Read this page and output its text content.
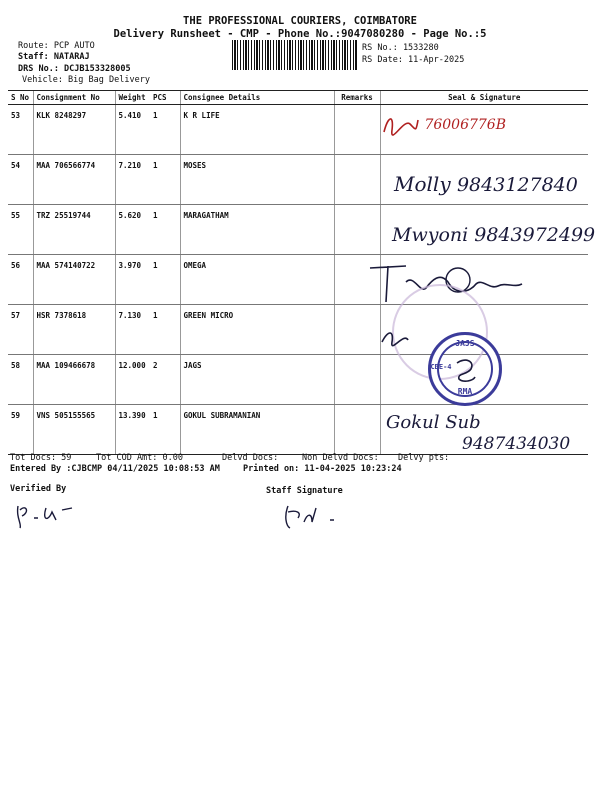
THE PROFESSIONAL COURIERS, COIMBATORE
Delivery Runsheet - CMP - Phone No.:9047080280 - Page No.:5
Route: PCP AUTO
Staff: NATARAJ
DRS No.: DCJB153328005
Vehicle: Big Bag Delivery
RS No.: 1533280
RS Date: 11-Apr-2025
S No	Consignment No	Weight	PCS	Consignee Details	Remarks	Seal & Signature
53	KLK 8248297	5.410	1	K R LIFE		
54	MAA 706566774	7.210	1	MOSES		
55	TRZ 25519744	5.620	1	MARAGATHAM		
56	MAA 574140722	3.970	1	OMEGA		
57	HSR 7378618	7.130	1	GREEN MICRO		
58	MAA 109466678	12.000	2	JAGS		
59	VNS 505155565	13.390	1	GOKUL SUBRAMANIAN		
76006776B
Molly 9843127840
Mwyoni 9843972499
JAJS
CBE-4
RMA
Gokul Sub
9487434030
Tot Docs: 59	Tot COD Amt: 0.00	Delvd Docs:	Non Delvd Docs: Delvy pts:
Entered By :CJBCMP 04/11/2025 10:08:53 AM	Printed on: 11-04-2025 10:23:24
Verified By	Staff Signature
